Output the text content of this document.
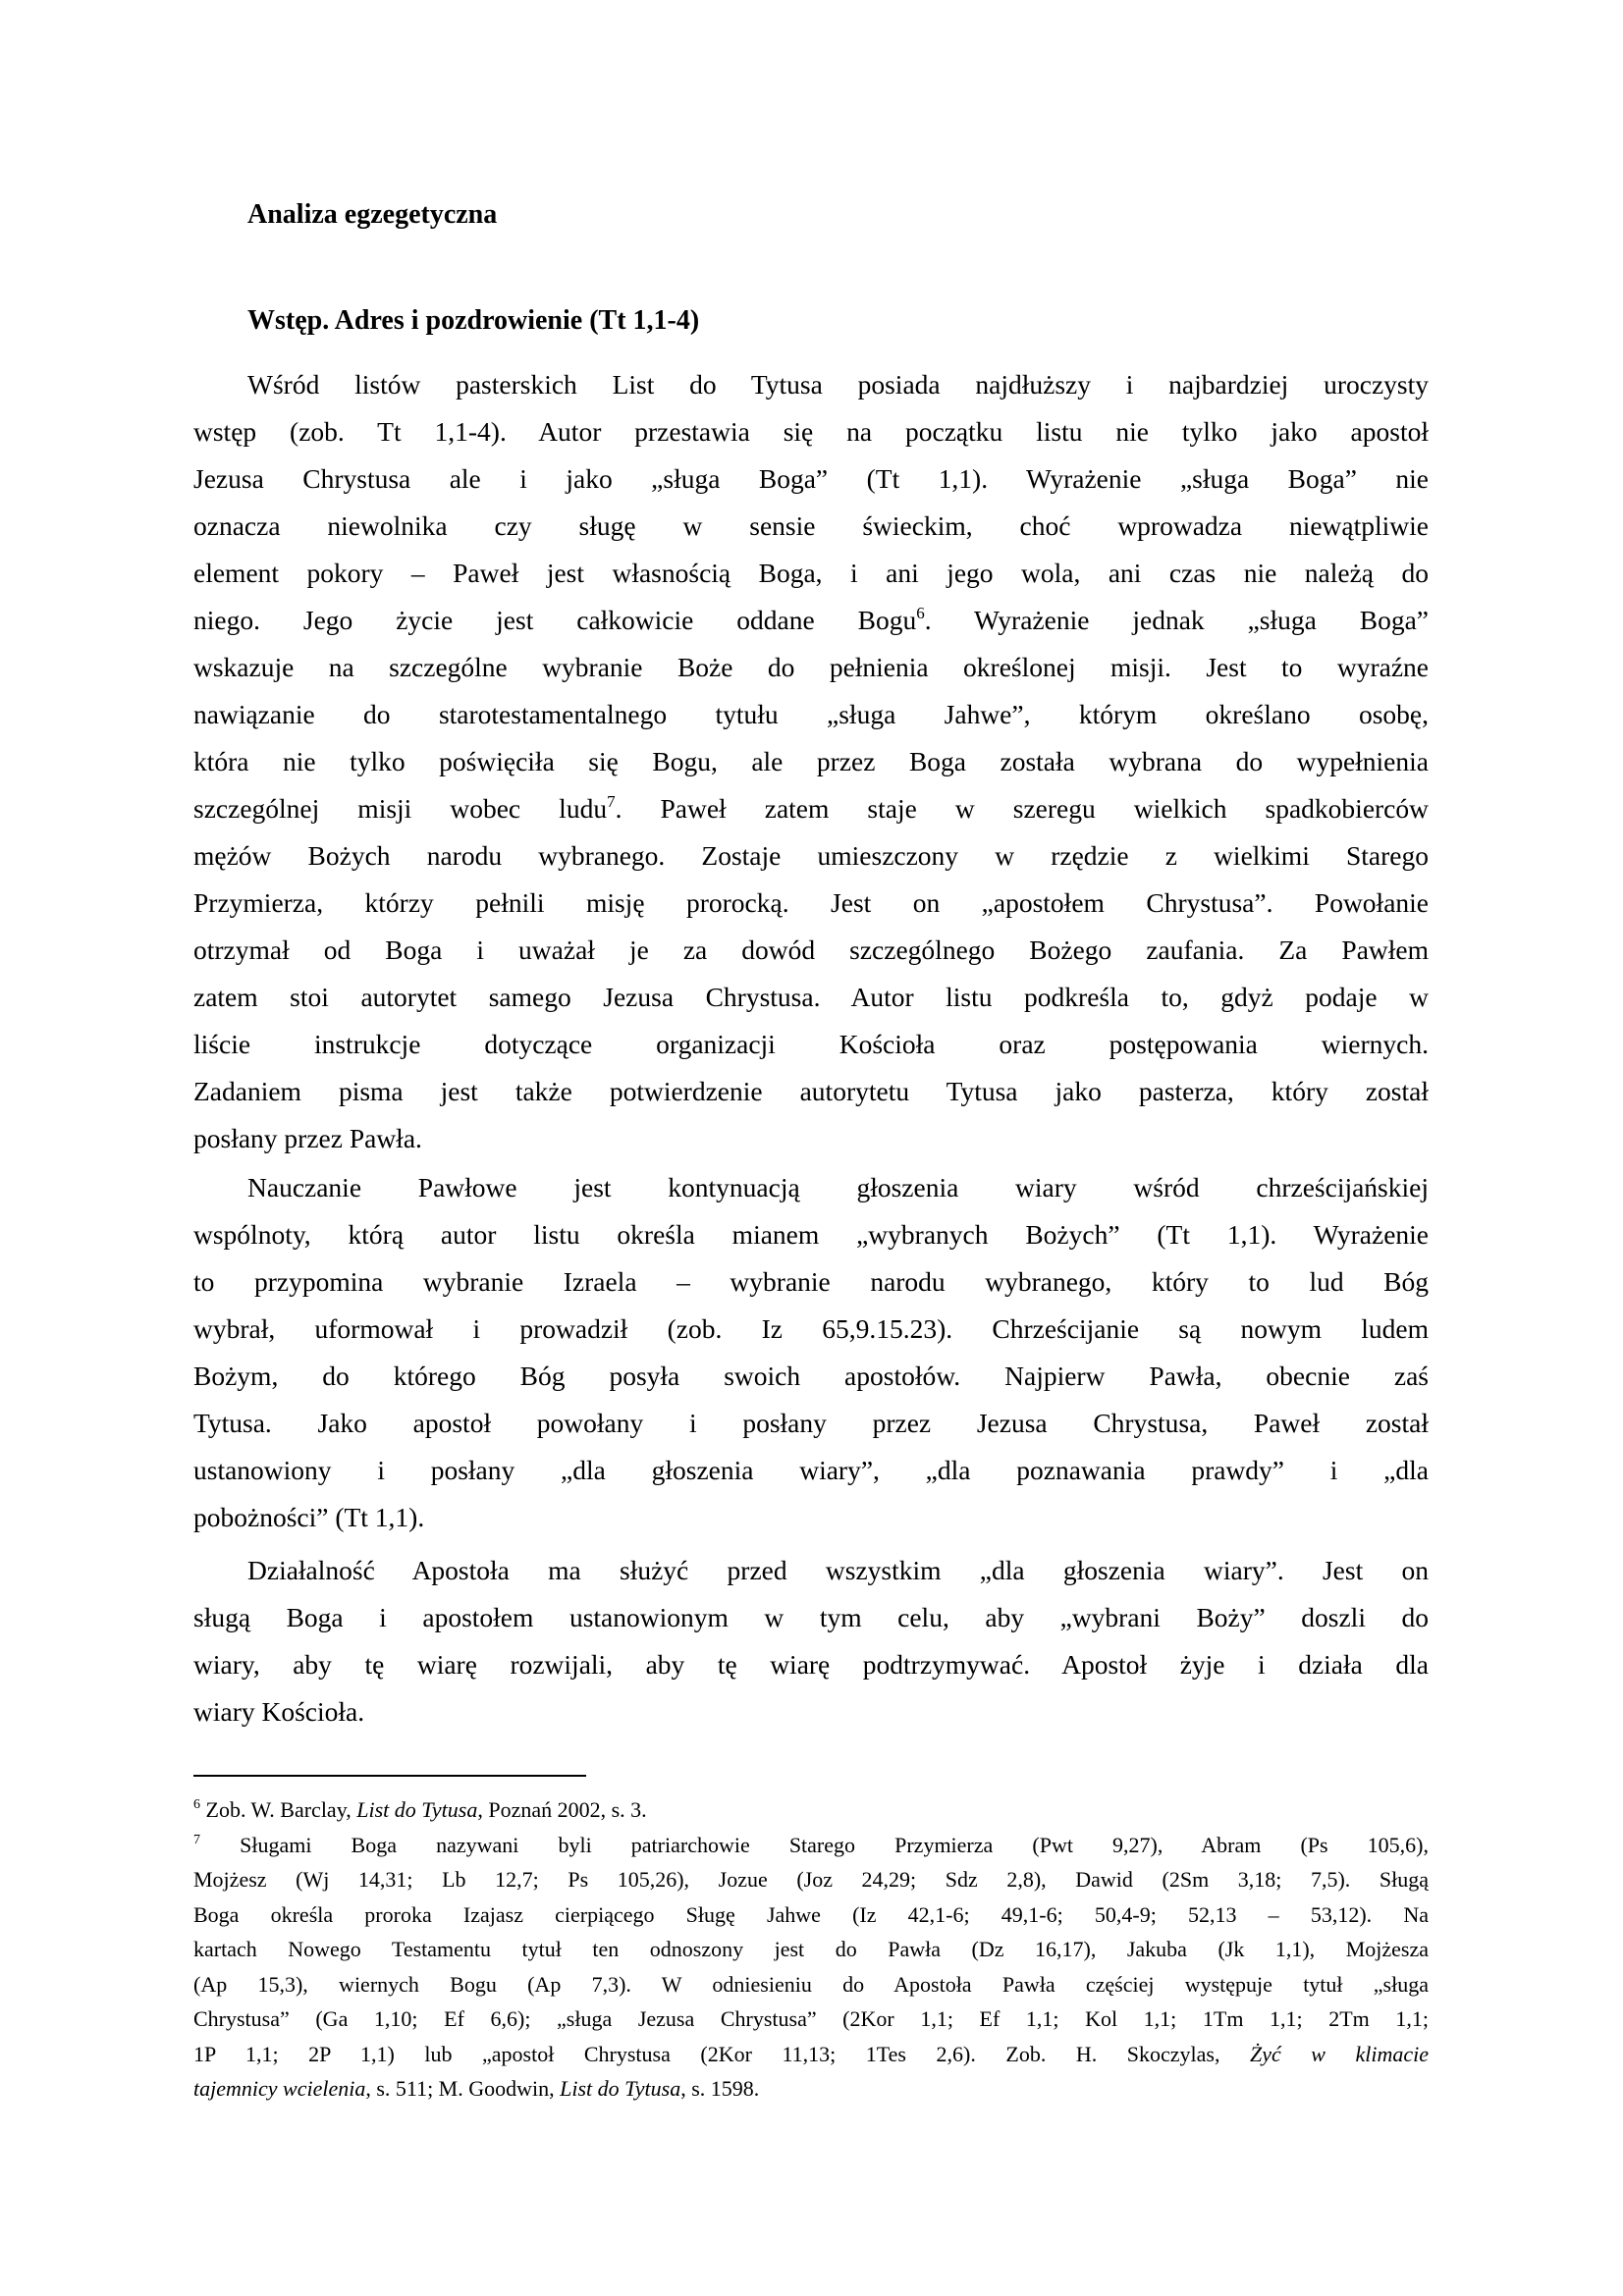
Analiza egzegetyczna
Wstęp. Adres i pozdrowienie (Tt 1,1-4)
Wśród listów pasterskich List do Tytusa posiada najdłuższy i najbardziej uroczysty
wstęp (zob. Tt 1,1-4). Autor przestawia się na początku listu nie tylko jako apostoł
Jezusa Chrystusa ale i jako „sługa Boga” (Tt 1,1). Wyrażenie „sługa Boga” nie
oznacza niewolnika czy sługę w sensie świeckim, choć wprowadza niewątpliwie
element pokory – Paweł jest własnością Boga, i ani jego wola, ani czas nie należą do
niego. Jego życie jest całkowicie oddane Bogu$^6$. Wyrażenie jednak „sługa Boga”
wskazuje na szczególne wybranie Boże do pełnienia określonej misji. Jest to wyraźne
nawiązanie do starotestamentalnego tytułu „sługa Jahwe”, którym określano osobę,
która nie tylko poświęciła się Bogu, ale przez Boga została wybrana do wypełnienia
szczególnej misji wobec ludu$^7$. Paweł zatem staje w szeregu wielkich spadkobierców
mężów Bożych narodu wybranego. Zostaje umieszczony w rzędzie z wielkimi Starego
Przymierza, którzy pełnili misję prorocką. Jest on „apostołem Chrystusa”. Powołanie
otrzymał od Boga i uważał je za dowód szczególnego Bożego zaufania. Za Pawłem
zatem stoi autorytet samego Jezusa Chrystusa. Autor listu podkreśla to, gdyż podaje w
liście instrukcje dotyczące organizacji Kościoła oraz postępowania wiernych.
Zadaniem pisma jest także potwierdzenie autorytetu Tytusa jako pasterza, który został
posłany przez Pawła.
Nauczanie Pawłowe jest kontynuacją głoszenia wiary wśród chrześcijańskiej
wspólnoty, którą autor listu określa mianem „wybranych Bożych” (Tt 1,1). Wyrażenie
to przypomina wybranie Izraela – wybranie narodu wybranego, który to lud Bóg
wybrał, uformował i prowadził (zob. Iz 65,9.15.23). Chrześcijanie są nowym ludem
Bożym, do którego Bóg posyła swoich apostołów. Najpierw Pawła, obecnie zaś
Tytusa. Jako apostoł powołany i posłany przez Jezusa Chrystusa, Paweł został
ustanowiony i posłany „dla głoszenia wiary”, „dla poznawania prawdy” i „dla
pobożności” (Tt 1,1).
Działalność Apostoła ma służyć przed wszystkim „dla głoszenia wiary”. Jest on
sługą Boga i apostołem ustanowionym w tym celu, aby „wybrani Boży” doszli do
wiary, aby tę wiarę rozwijali, aby tę wiarę podtrzymywać. Apostoł żyje i działa dla
wiary Kościoła.
$^6$ Zob. W. Barclay, List do Tytusa, Poznań 2002, s. 3.
$^7$ Sługami Boga nazywani byli patriarchowie Starego Przymierza (Pwt 9,27), Abram (Ps 105,6),
Mojżesz (Wj 14,31; Lb 12,7; Ps 105,26), Jozue (Joz 24,29; Sdz 2,8), Dawid (2Sm 3,18; 7,5). Sługą
Boga określa proroka Izajasz cierpiącego Sługę Jahwe (Iz 42,1-6; 49,1-6; 50,4-9; 52,13 – 53,12). Na
kartach Nowego Testamentu tytuł ten odnoszony jest do Pawła (Dz 16,17), Jakuba (Jk 1,1), Mojżesza
(Ap 15,3), wiernych Bogu (Ap 7,3). W odniesieniu do Apostoła Pawła częściej występuje tytuł „sługa
Chrystusa” (Ga 1,10; Ef 6,6); „sługa Jezusa Chrystusa” (2Kor 1,1; Ef 1,1; Kol 1,1; 1Tm 1,1; 2Tm 1,1;
1P 1,1; 2P 1,1) lub „apostoł Chrystusa (2Kor 11,13; 1Tes 2,6). Zob. H. Skoczylas, Żyć w klimacie
tajemnicy wcielenia, s. 511; M. Goodwin, List do Tytusa, s. 1598.
